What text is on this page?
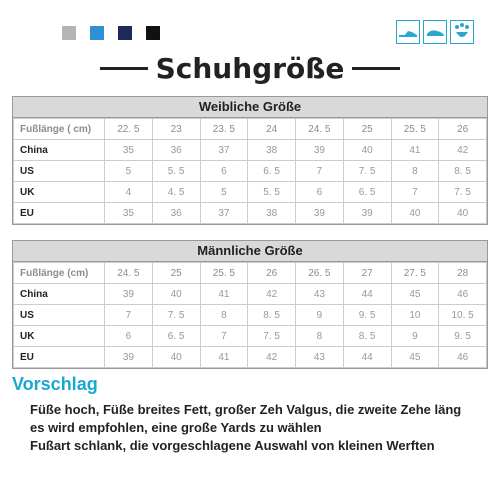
Schuhgröße
Weibliche Größe
Fußlänge ( cm)	22. 5	23	23. 5	24	24. 5	25	25. 5	26
China	35	36	37	38	39	40	41	42
US	5	5. 5	6	6. 5	7	7. 5	8	8. 5
UK	4	4. 5	5	5. 5	6	6. 5	7	7. 5
EU	35	36	37	38	39	39	40	40
Männliche Größe
Fußlänge (cm)	24. 5	25	25. 5	26	26. 5	27	27. 5	28
China	39	40	41	42	43	44	45	46
US	7	7. 5	8	8. 5	9	9. 5	10	10. 5
UK	6	6. 5	7	7. 5	8	8. 5	9	9. 5
EU	39	40	41	42	43	44	45	46
Vorschlag
Füße hoch, Füße breites Fett, großer Zeh Valgus, die zweite Zehe läng
es wird empfohlen, eine große Yards zu wählen
Fußart schlank, die vorgeschlagene Auswahl von kleinen Werften
